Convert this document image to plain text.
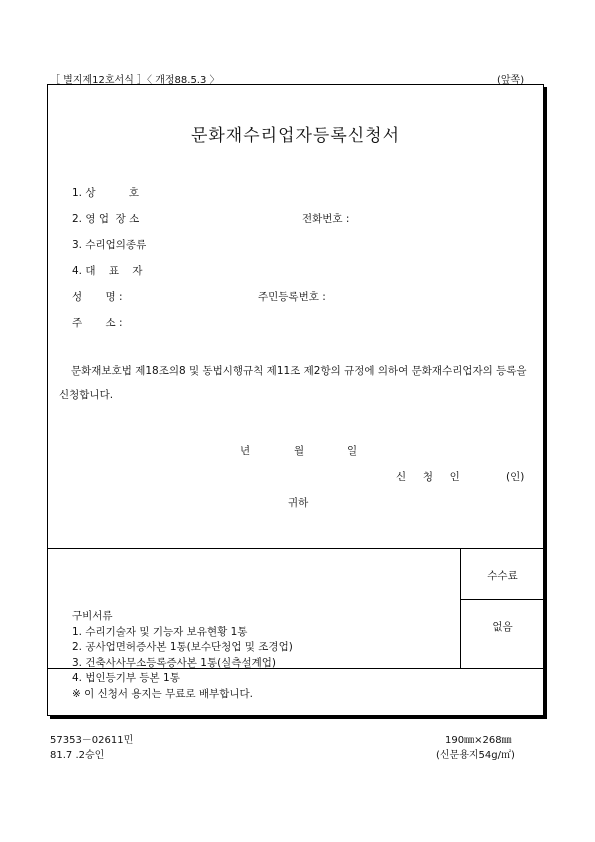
［ 별지제12호서식 ］〈 개정88.5.3 〉	(앞쪽)
문화재수리업자등록신청서
1. 상          호
2. 영 업  장 소	전화번호 :
3. 수리업의종류
4. 대    표    자
성       명 :	주민등록번호 :
주       소 :
문화재보호법 제18조의8 및 동법시행규칙 제11조 제2항의 규정에 의하여 문화재수리업자의 등록을 신청합니다.
년	월	일
신     청     인	(인)
귀하
수수료
없음
구비서류
1. 수리기술자 및 기능자 보유현황 1통
2. 공사업면허증사본 1통(보수단청업 및 조경업)
3. 건축사사무소등록증사본 1통(실측설계업)
4. 법인등기부 등본 1통
※ 이 신청서 용지는 무료로 배부합니다.
57353－02611민
81.7 .2승인
190㎜×268㎜
(신문용지54g/㎡)
